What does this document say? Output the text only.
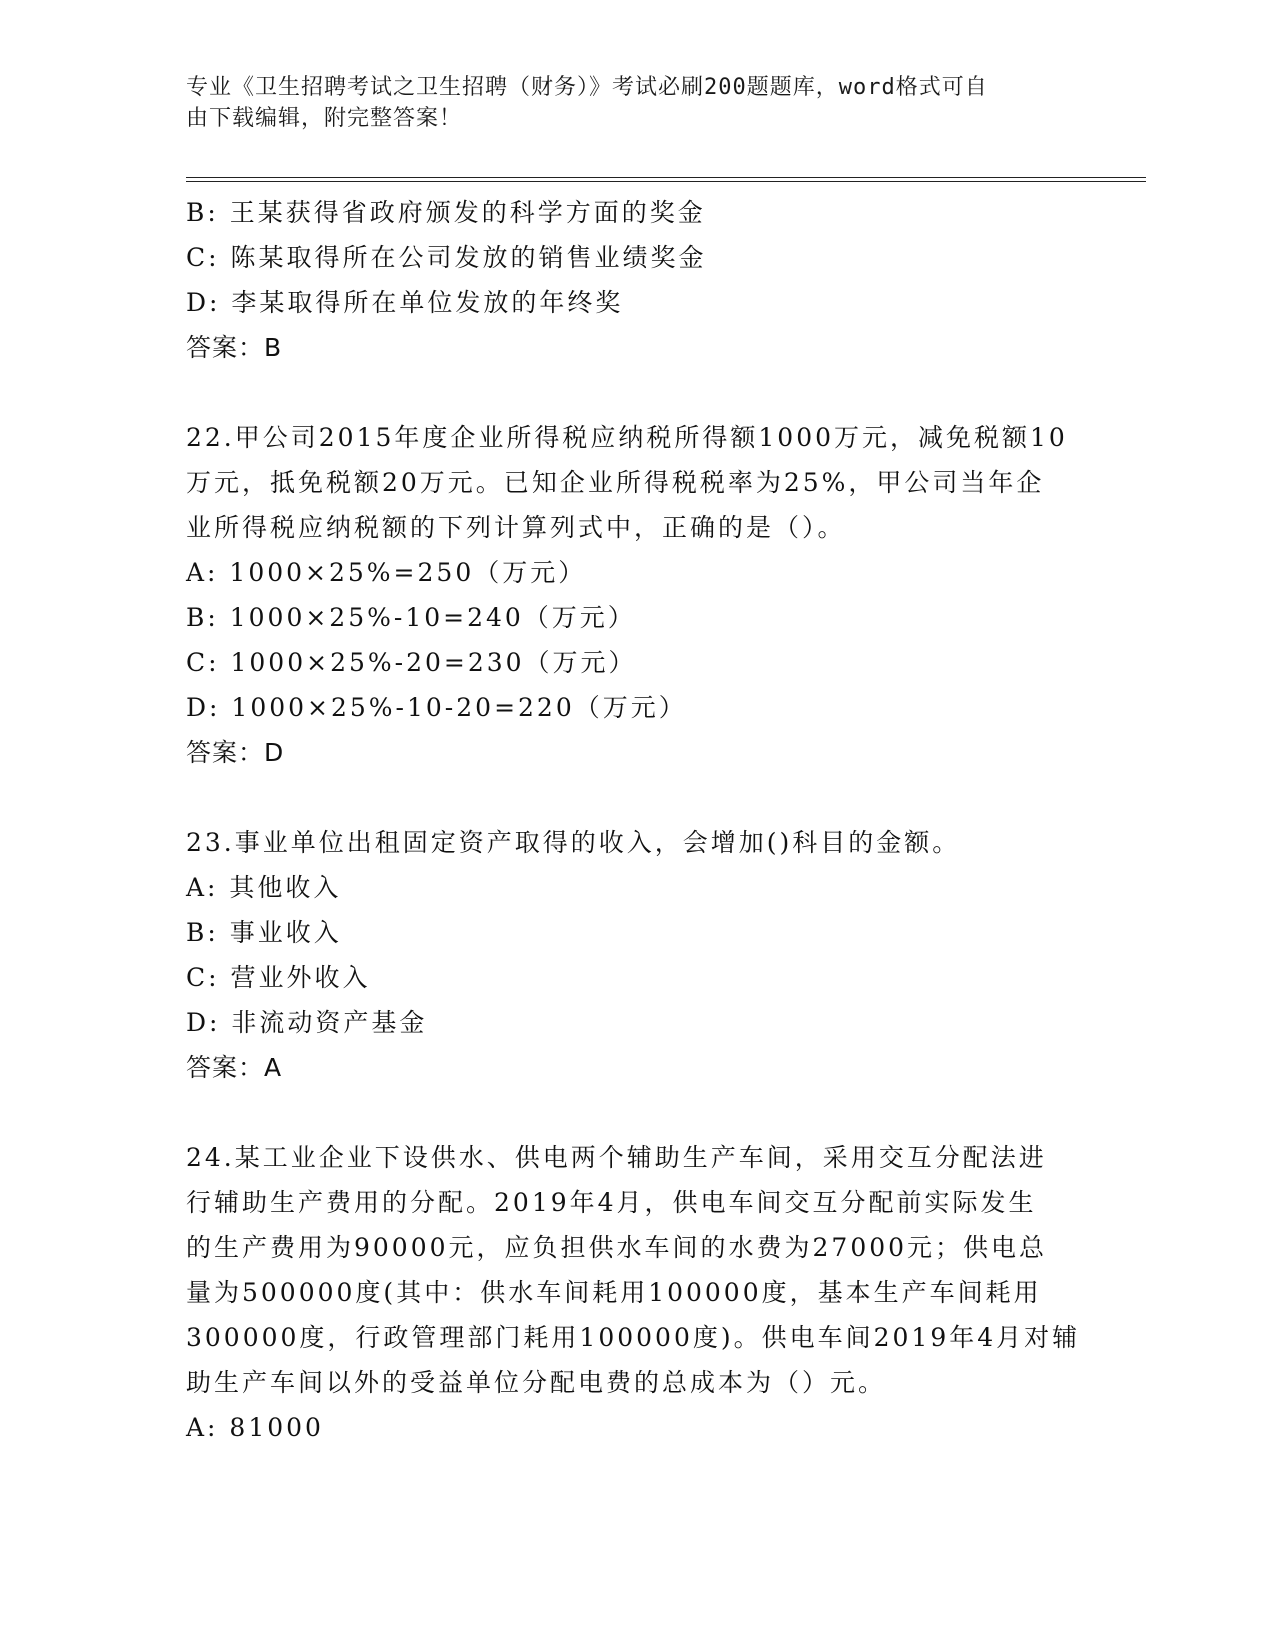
专业《卫生招聘考试之卫生招聘（财务）》考试必刷200题题库，word格式可自
由下载编辑，附完整答案！
B: 王某获得省政府颁发的科学方面的奖金
C: 陈某取得所在公司发放的销售业绩奖金
D: 李某取得所在单位发放的年终奖
答案：B
22.甲公司2015年度企业所得税应纳税所得额1000万元，减免税额10
万元，抵免税额20万元。已知企业所得税税率为25%，甲公司当年企
业所得税应纳税额的下列计算列式中，正确的是（）。
A: 1000×25%=250（万元）
B: 1000×25%-10=240（万元）
C: 1000×25%-20=230（万元）
D: 1000×25%-10-20=220（万元）
答案：D
23.事业单位出租固定资产取得的收入，会增加()科目的金额。
A: 其他收入
B: 事业收入
C: 营业外收入
D: 非流动资产基金
答案：A
24.某工业企业下设供水、供电两个辅助生产车间，采用交互分配法进
行辅助生产费用的分配。2019年4月，供电车间交互分配前实际发生
的生产费用为90000元，应负担供水车间的水费为27000元；供电总
量为500000度(其中：供水车间耗用100000度，基本生产车间耗用
300000度，行政管理部门耗用100000度)。供电车间2019年4月对辅
助生产车间以外的受益单位分配电费的总成本为（）元。
A: 81000
